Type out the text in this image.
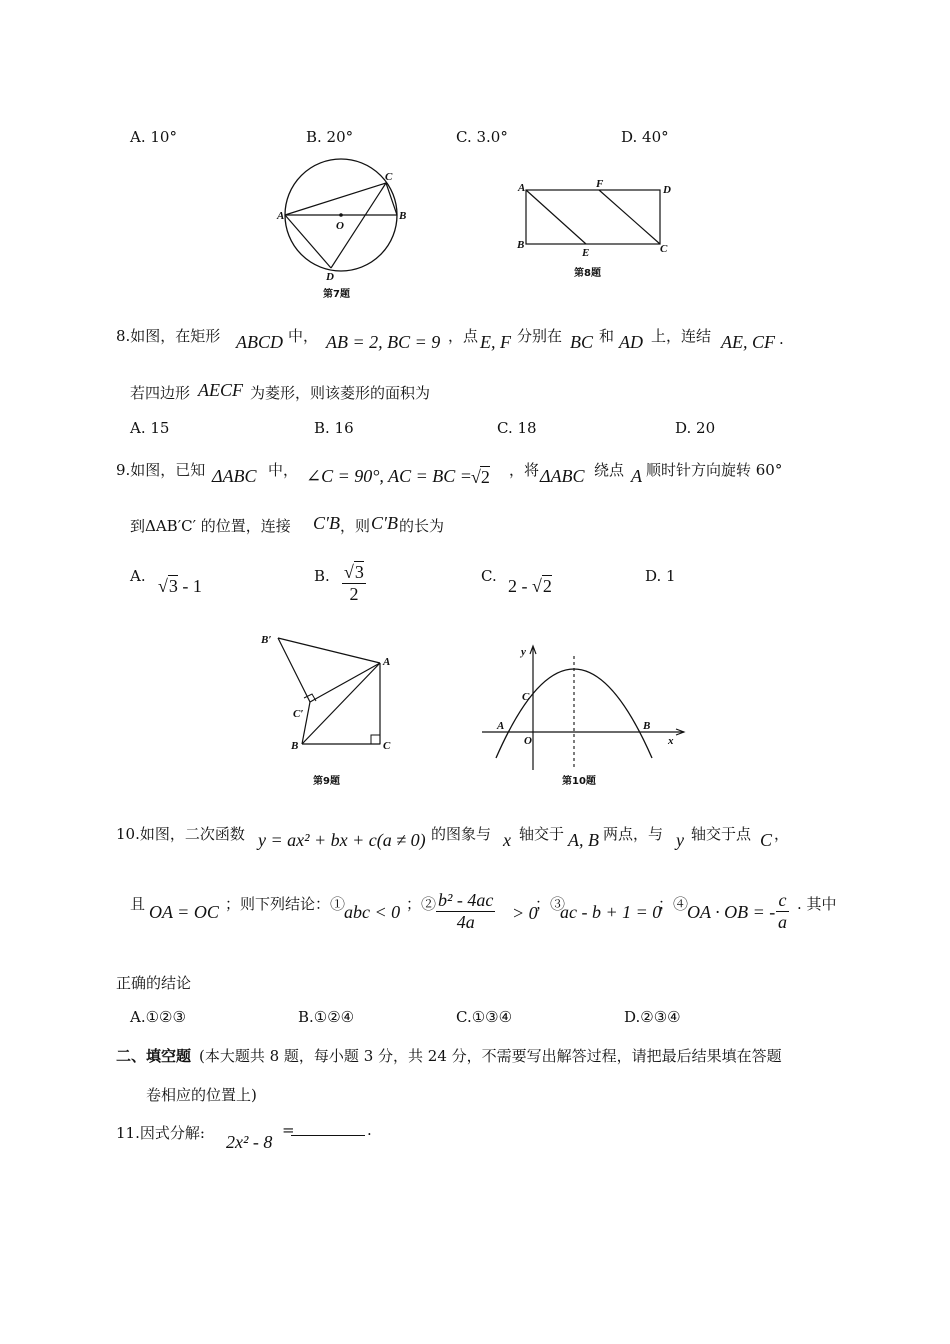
A. 10°	B. 20°	C. 3.0°	D. 40°
A	B
C
O
D
第7题
A	F	D
B
E	C
第8题
8.如图，在矩形 ABCD 中， AB = 2, BC = 9 ，点 E, F 分别在 BC 和 AD 上，连结 AE, CF .
若四边形 AECF 为菱形，则该菱形的面积为
A. 15	B. 16	C. 18	D. 20
9.如图，已知 ΔABC 中， ∠C = 90°, AC = BC = √2 ，将 ΔABC 绕点 A 顺时针方向旋转 60°
到ΔAB′C′ 的位置，连接 C′B ，则 C′B 的长为
A. √3 - 1	B. $\frac{√3}{2}$	C. 2 - √2	D. 1
B′
A
C′
B	C
第9题
y
x
C
A
O
B
第10题
10.如图，二次函数 y = ax² + bx + c(a ≠ 0) 的图象与 x 轴交于 A, B 两点，与 y 轴交于点 C ，
且 OA = OC ；则下列结论：①
abc < 0 ；② $\frac{\text{b² - 4ac}}{4a} > 0$
；③
ac - b + 1 = 0
；④
OA · OB = - $\frac{c}{a}$ . 其中
正确的结论
A.①②③	B.①②④	C.①③④	D.②③④
二、填空题 (本大题共 8 题，每小题 3 分，共 24 分，不需要写出解答过程，请把最后结果填在答题
卷相应的位置上)
11.因式分解: 2x² - 8
=	.
